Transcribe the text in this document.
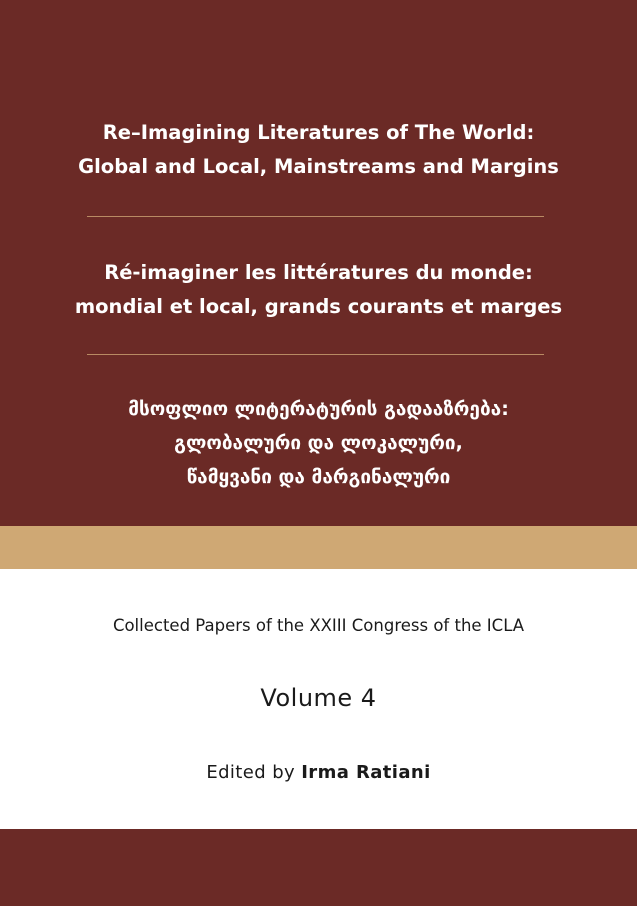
Re–Imagining Literatures of The World:
Global and Local, Mainstreams and Margins
Ré-imaginer les littératures du monde:
mondial et local, grands courants et marges
მსოფლიო ლიტერატურის გადააზრება:
გლობალური და ლოკალური,
წამყვანი და მარგინალური
Collected Papers of the XXIII Congress of the ICLA
Volume 4
Edited by Irma Ratiani
